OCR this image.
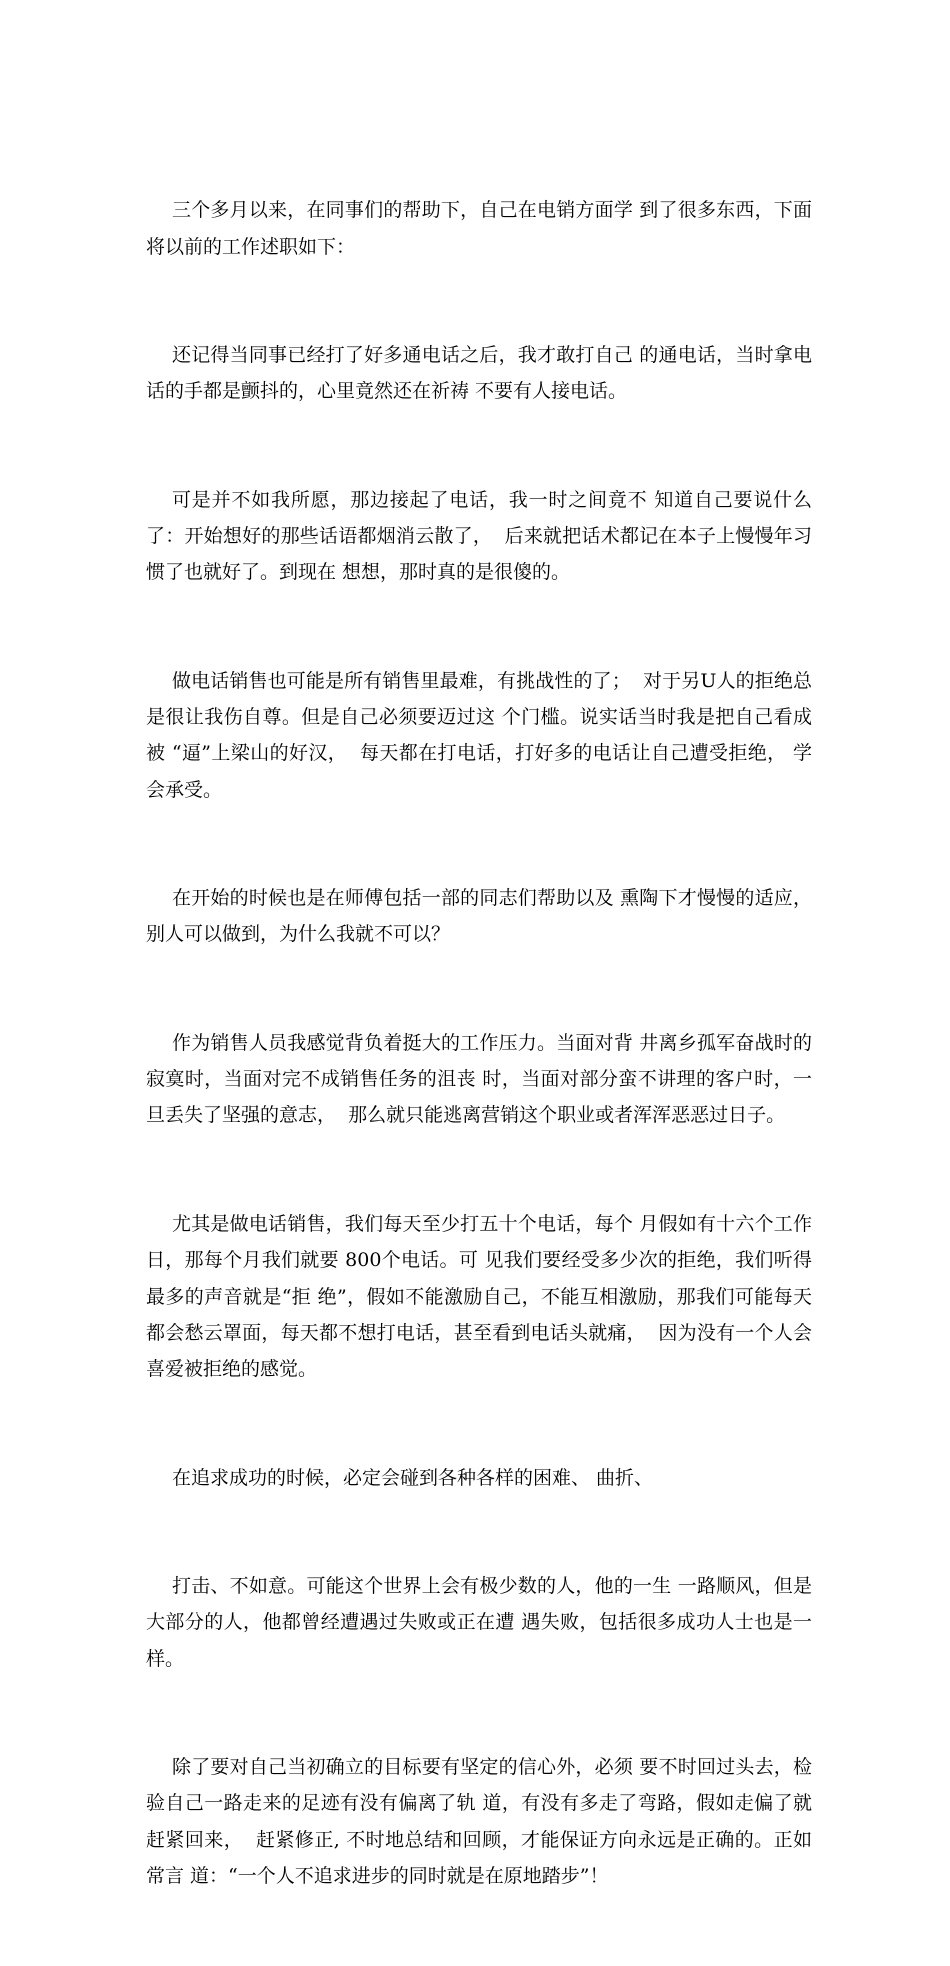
三个多月以来，在同事们的帮助下，自己在电销方面学 到了很多东西，下面将以前的工作述职如下：

还记得当同事已经打了好多通电话之后，我才敢打自己 的通电话，当时拿电话的手都是颤抖的，心里竟然还在祈祷 不要有人接电话。

可是并不如我所愿，那边接起了电话，我一时之间竟不 知道自己要说什么了：开始想好的那些话语都烟消云散了，  后来就把话术都记在本子上慢慢年习惯了也就好了。到现在 想想，那时真的是很傻的。

做电话销售也可能是所有销售里最难，有挑战性的了；  对于另U人的拒绝总是很让我伤自尊。但是自己必须要迈过这 个门槛。说实话当时我是把自己看成被 “逼”上梁山的好汉，  每天都在打电话，打好多的电话让自己遭受拒绝， 学会承受。

在开始的时候也是在师傅包括一部的同志们帮助以及 熏陶下才慢慢的适应，别人可以做到，为什么我就不可以？

作为销售人员我感觉背负着挺大的工作压力。当面对背 井离乡孤军奋战时的寂寞时，当面对完不成销售任务的沮丧 时，当面对部分蛮不讲理的客户时，一旦丢失了坚强的意志，  那么就只能逃离营销这个职业或者浑浑恶恶过日子。

尤其是做电话销售，我们每天至少打五十个电话，每个 月假如有十六个工作日，那每个月我们就要 800个电话。可 见我们要经受多少次的拒绝，我们听得最多的声音就是“拒 绝”，假如不能激励自己，不能互相激励，那我们可能每天 都会愁云罩面，每天都不想打电话，甚至看到电话头就痛，  因为没有一个人会喜爱被拒绝的感觉。

在追求成功的时候，必定会碰到各种各样的困难、 曲折、

打击、不如意。可能这个世界上会有极少数的人，他的一生 一路顺风，但是大部分的人，他都曾经遭遇过失败或正在遭 遇失败，包括很多成功人士也是一样。

除了要对自己当初确立的目标要有坚定的信心外，必须 要不时回过头去，检验自己一路走来的足迹有没有偏离了轨 道，有没有多走了弯路，假如走偏了就赶紧回来，  赶紧修正, 不时地总结和回顾，才能保证方向永远是正确的。正如常言 道：“一个人不追求进步的同时就是在原地踏步”！
